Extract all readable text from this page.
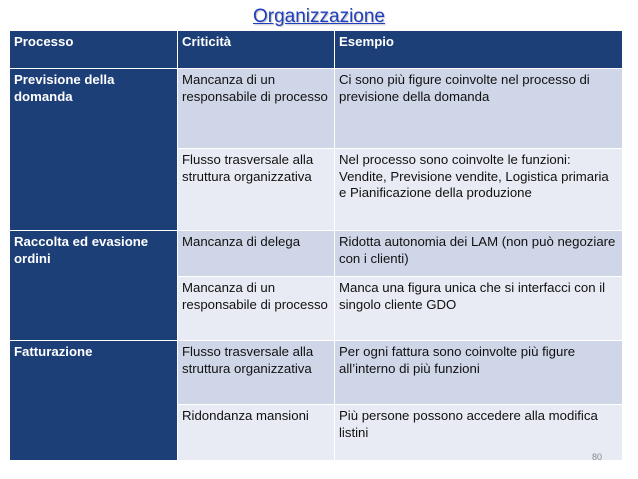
Organizzazione
Processo	Criticità	Esempio
Previsione della domanda	Mancanza di un responsabile di processo	Ci sono più figure coinvolte nel processo di previsione della domanda
	Flusso trasversale alla struttura organizzativa	Nel processo sono coinvolte le funzioni: Vendite, Previsione vendite, Logistica primaria e Pianificazione della produzione
Raccolta ed evasione ordini	Mancanza di delega	Ridotta autonomia dei LAM (non può negoziare con i clienti)
	Mancanza di un responsabile di processo	Manca una figura unica che si interfacci con il singolo cliente GDO
Fatturazione	Flusso trasversale alla struttura organizzativa	Per ogni fattura sono coinvolte più figure all’interno di più funzioni
	Ridondanza mansioni	Più persone possono accedere alla modifica listini
80
